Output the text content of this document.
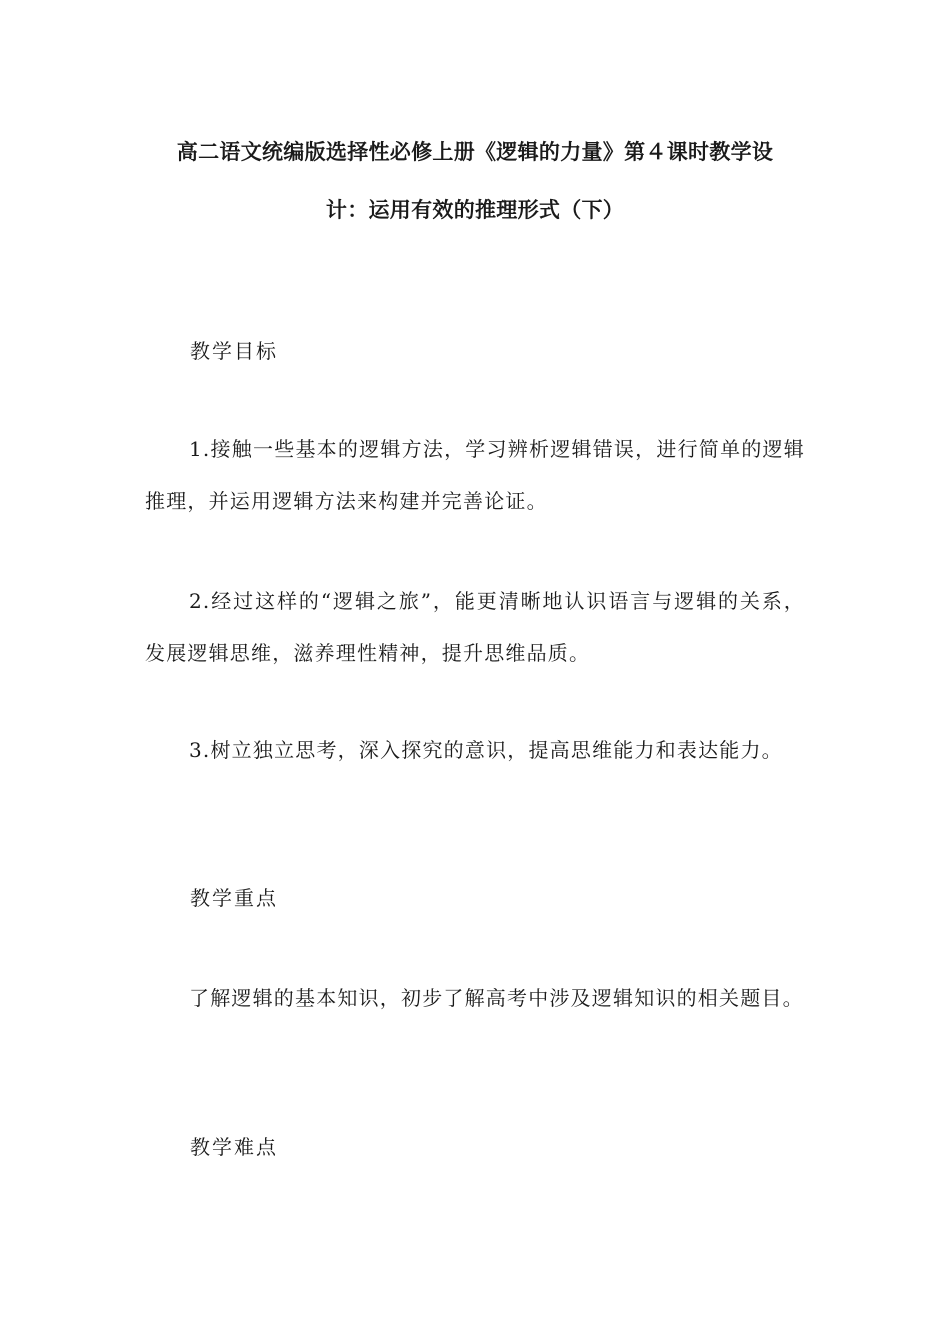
高二语文统编版选择性必修上册《逻辑的力量》第４课时教学设
计：运用有效的推理形式（下）
教学目标
1.接触一些基本的逻辑方法，学习辨析逻辑错误，进行简单的逻辑推理，并运用逻辑方法来构建并完善论证。
2.经过这样的“逻辑之旅”，能更清晰地认识语言与逻辑的关系，发展逻辑思维，滋养理性精神，提升思维品质。
3.树立独立思考，深入探究的意识，提高思维能力和表达能力。
教学重点
了解逻辑的基本知识，初步了解高考中涉及逻辑知识的相关题目。
教学难点
